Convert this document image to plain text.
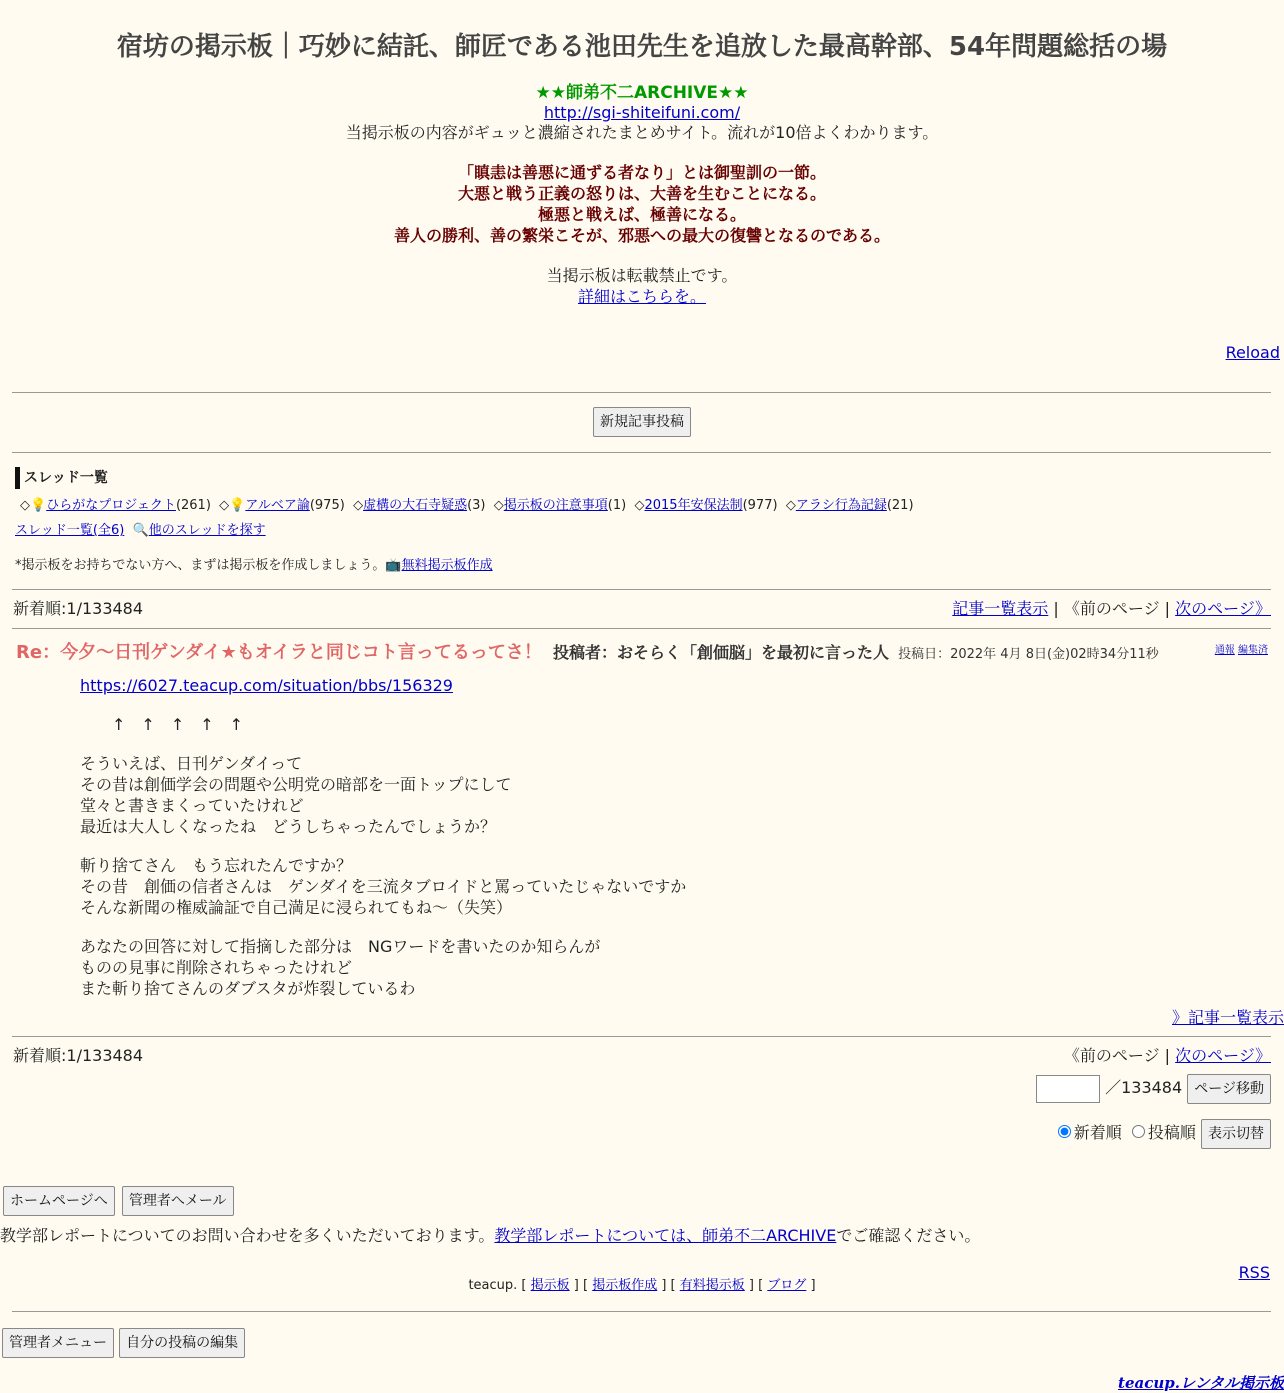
宿坊の掲示板｜巧妙に結託、師匠である池田先生を追放した最高幹部、54年問題総括の場
★★師弟不二ARCHIVE★★
http://sgi-shiteifuni.com/
当掲示板の内容がギュッと濃縮されたまとめサイト。流れが10倍よくわかります。
「瞋恚は善悪に通ずる者なり」とは御聖訓の一節。
大悪と戦う正義の怒りは、大善を生むことになる。
極悪と戦えば、極善になる。
善人の勝利、善の繁栄こそが、邪悪への最大の復讐となるのである。
当掲示板は転載禁止です。
詳細はこちらを。
Reload
新規記事投稿
スレッド一覧
◇💡ひらがなプロジェクト(261) ◇💡アルベア論(975) ◇虚構の大石寺疑惑(3) ◇掲示板の注意事項(1) ◇2015年安保法制(977) ◇アラシ行為記録(21)
スレッド一覧(全6) 🔍他のスレッドを探す
*掲示板をお持ちでない方へ、まずは掲示板を作成しましょう。📺無料掲示板作成
新着順:1/133484	記事一覧表示 | 《前のページ | 次のページ》
Re：今夕～日刊ゲンダイ★もオイラと同じコト言ってるってさ！ 投稿者：おそらく「創価脳」を最初に言った人 投稿日：2022年 4月 8日(金)02時34分11秒	通報 編集済

https://6027.teacup.com/situation/bbs/156329

↑　↑　↑　↑　↑

そういえば、日刊ゲンダイって
その昔は創価学会の問題や公明党の暗部を一面トップにして
堂々と書きまくっていたけれど
最近は大人しくなったね　どうしちゃったんでしょうか？

斬り捨てさん　もう忘れたんですか？
その昔　創価の信者さんは　ゲンダイを三流タブロイドと罵っていたじゃないですか
そんな新聞の権威論証で自己満足に浸られてもね～（失笑）

あなたの回答に対して指摘した部分は　NGワードを書いたのか知らんが
ものの見事に削除されちゃったけれど
また斬り捨てさんのダブスタが炸裂しているわ

》記事一覧表示
新着順:1/133484	《前のページ | 次のページ》
／133484 ページ移動
新着順 投稿順 表示切替
ホームページへ 管理者へメール
教学部レポートについてのお問い合わせを多くいただいております。教学部レポートについては、師弟不二ARCHIVEでご確認ください。
teacup. [ 掲示板 ] [ 掲示板作成 ] [ 有料掲示板 ] [ ブログ ]
RSS
管理者メニュー 自分の投稿の編集
teacup.レンタル掲示板
